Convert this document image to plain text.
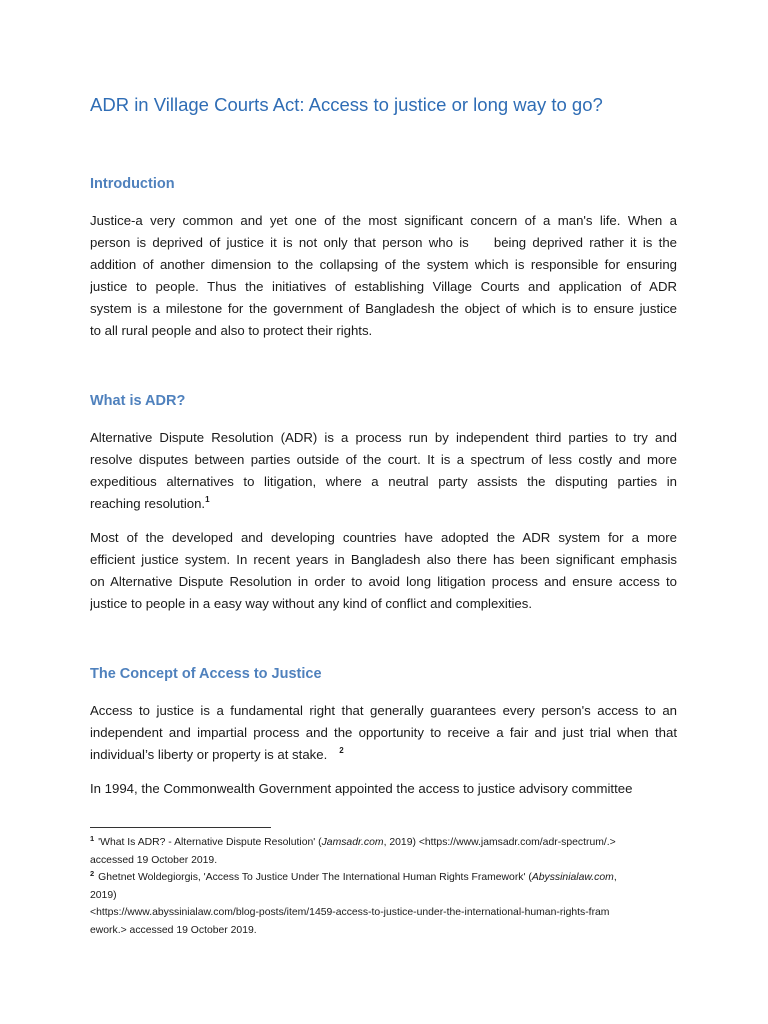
ADR in Village Courts Act: Access to justice or long way to go?
Introduction

Justice-a very common and yet one of the most significant concern of a man's life. When a
person is deprived of justice it is not only that person who is    being deprived rather it is the
addition of another dimension to the collapsing of the system which is responsible for ensuring
justice to people. Thus the initiatives of establishing Village Courts and application of ADR
system is a milestone for the government of Bangladesh the object of which is to ensure justice
to all rural people and also to protect their rights.

What is ADR?

Alternative Dispute Resolution (ADR) is a process run by independent third parties to try and
resolve disputes between parties outside of the court. It is a spectrum of less costly and more
expeditious alternatives to litigation, where a neutral party assists the disputing parties in
reaching resolution.$^1$

Most of the developed and developing countries have adopted the ADR system for a more
efficient justice system. In recent years in Bangladesh also there has been significant emphasis
on Alternative Dispute Resolution in order to avoid long litigation process and ensure access to
justice to people in a easy way without any kind of conflict and complexities.

The Concept of Access to Justice

Access to justice is a fundamental right that generally guarantees every person's access to an
independent and impartial process and the opportunity to receive a fair and just trial when that
individual’s liberty or property is at stake. $^2$

In 1994, the Commonwealth Government appointed the access to justice advisory committee

$^1$ 'What Is ADR? - Alternative Dispute Resolution' (Jamsadr.com, 2019) <https://www.jamsadr.com/adr-spectrum/.>
accessed 19 October 2019.
$^2$ Ghetnet Woldegiorgis, 'Access To Justice Under The International Human Rights Framework' (Abyssinialaw.com,
2019)
<https://www.abyssinialaw.com/blog-posts/item/1459-access-to-justice-under-the-international-human-rights-fram
ework.> accessed 19 October 2019.
